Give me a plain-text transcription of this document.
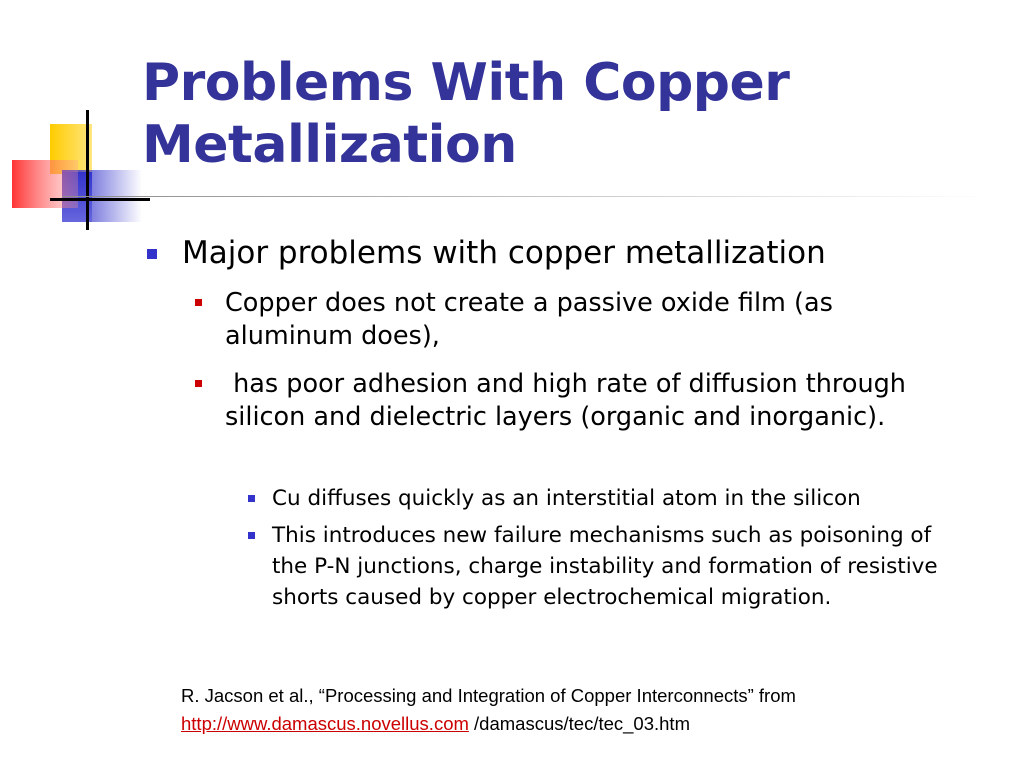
Problems With Copper
Metallization
Major problems with copper metallization
Copper does not create a passive oxide film (as aluminum does),
has poor adhesion and high rate of diffusion through silicon and dielectric layers (organic and inorganic).
Cu diffuses quickly as an interstitial atom in the silicon
This introduces new failure mechanisms such as poisoning of the P-N junctions, charge instability and formation of resistive shorts caused by copper electrochemical migration.
R. Jacson et al., “Processing and Integration of Copper Interconnects” from
http://www.damascus.novellus.com /damascus/tec/tec_03.htm
